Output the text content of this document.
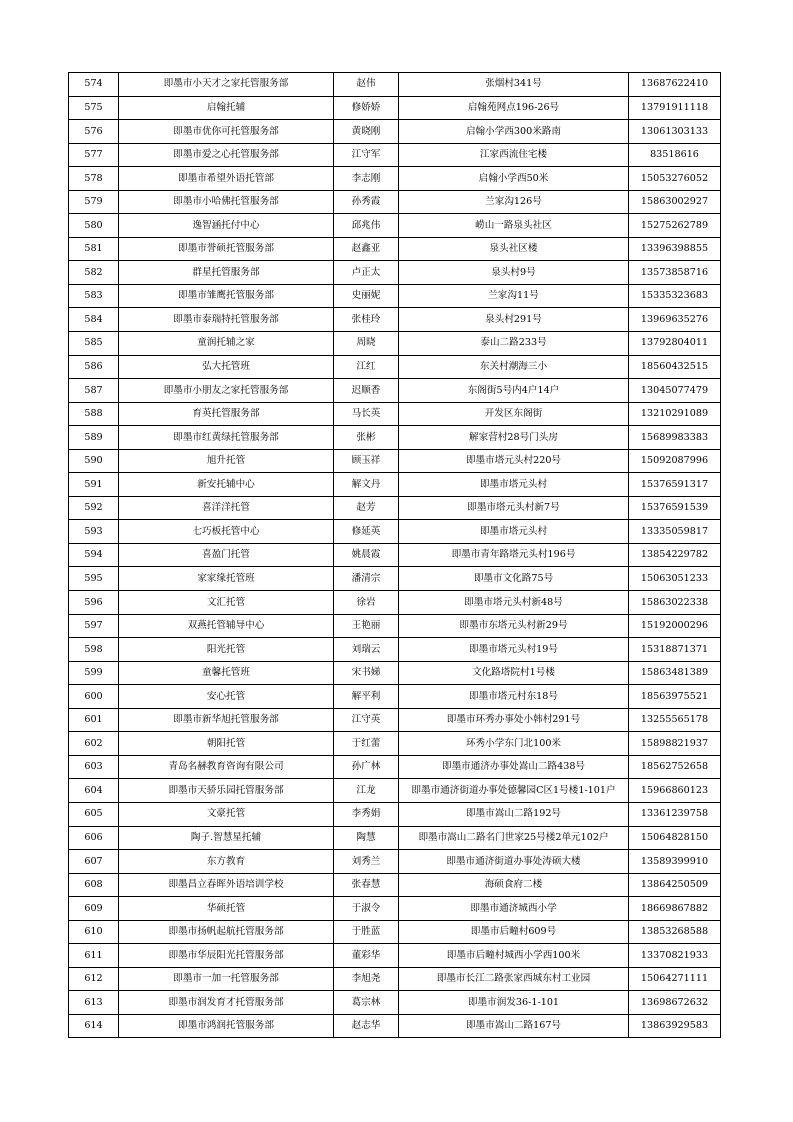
574	即墨市小天才之家托管服务部	赵伟	张烟村341号	13687622410
575	启翰托辅	修娇娇	启翰苑网点196-26号	13791911118
576	即墨市优你可托管服务部	黄晓刚	启翰小学西300米路南	13061303133
577	即墨市爱之心托管服务部	江守军	江家西流住宅楼	83518616
578	即墨市希望外语托管部	李志刚	启翰小学西50米	15053276052
579	即墨市小哈佛托管服务部	孙秀霞	兰家沟126号	15863002927
580	逸智涵托付中心	邱兆伟	崂山一路泉头社区	15275262789
581	即墨市誉硕托管服务部	赵鑫亚	泉头社区楼	13396398855
582	群星托管服务部	卢正太	泉头村9号	13573858716
583	即墨市雏鹰托管服务部	史丽妮	兰家沟11号	15335323683
584	即墨市泰瑞特托管服务部	张桂玲	泉头村291号	13969635276
585	童润托辅之家	周晓	泰山二路233号	13792804011
586	弘大托管班	江红	东关村潮海三小	18560432515
587	即墨市小朋友之家托管服务部	迟顺香	东阁街5号内4户14户	13045077479
588	育英托管服务部	马长英	开发区东阁街	13210291089
589	即墨市红黄绿托管服务部	张彬	解家营村28号门头房	15689983383
590	旭升托管	顾玉祥	即墨市塔元头村220号	15092087996
591	新安托辅中心	解文丹	即墨市塔元头村	15376591317
592	喜洋洋托管	赵芳	即墨市塔元头村新7号	15376591539
593	七巧板托管中心	修延英	即墨市塔元头村	13335059817
594	喜盈门托管	姚晨霞	即墨市青年路塔元头村196号	13854229782
595	家家缘托管班	潘清宗	即墨市文化路75号	15063051233
596	文汇托管	徐岩	即墨市塔元头村新48号	15863022338
597	双燕托管辅导中心	王艳丽	即墨市东塔元头村新29号	15192000296
598	阳光托管	刘瑞云	即墨市塔元头村19号	15318871371
599	童馨托管班	宋书娣	文化路塔院村1号楼	15863481389
600	安心托管	解平利	即墨市塔元村东18号	18563975521
601	即墨市新华旭托管服务部	江守英	即墨市环秀办事处小韩村291号	13255565178
602	朝阳托管	于红蕾	环秀小学东门北100米	15898821937
603	青岛名赫教育咨询有限公司	孙广林	即墨市通济办事处嵩山二路438号	18562752658
604	即墨市天骄乐园托管服务部	江龙	即墨市通济街道办事处德馨园C区1号楼1-101户	15966860123
605	文豪托管	李秀娟	即墨市嵩山二路192号	13361239758
606	陶子.智慧星托辅	陶慧	即墨市嵩山二路名门世家25号楼2单元102户	15064828150
607	东方教育	刘秀兰	即墨市通济街道办事处涛硕大楼	13589399910
608	即墨昌立春晖外语培训学校	张春慧	海硕食府二楼	13864250509
609	华硕托管	于淑令	即墨市通济城西小学	18669867882
610	即墨市扬帆起航托管服务部	于胜蓝	即墨市后疃村609号	13853268588
611	即墨市华辰阳光托管服务部	董彩华	即墨市后疃村城西小学西100米	13370821933
612	即墨市一加一托管服务部	李旭尧	即墨市长江二路张家西城东村工业园	15064271111
613	即墨市润发育才托管服务部	葛宗林	即墨市润发36-1-101	13698672632
614	即墨市鸿润托管服务部	赵志华	即墨市嵩山二路167号	13863929583
